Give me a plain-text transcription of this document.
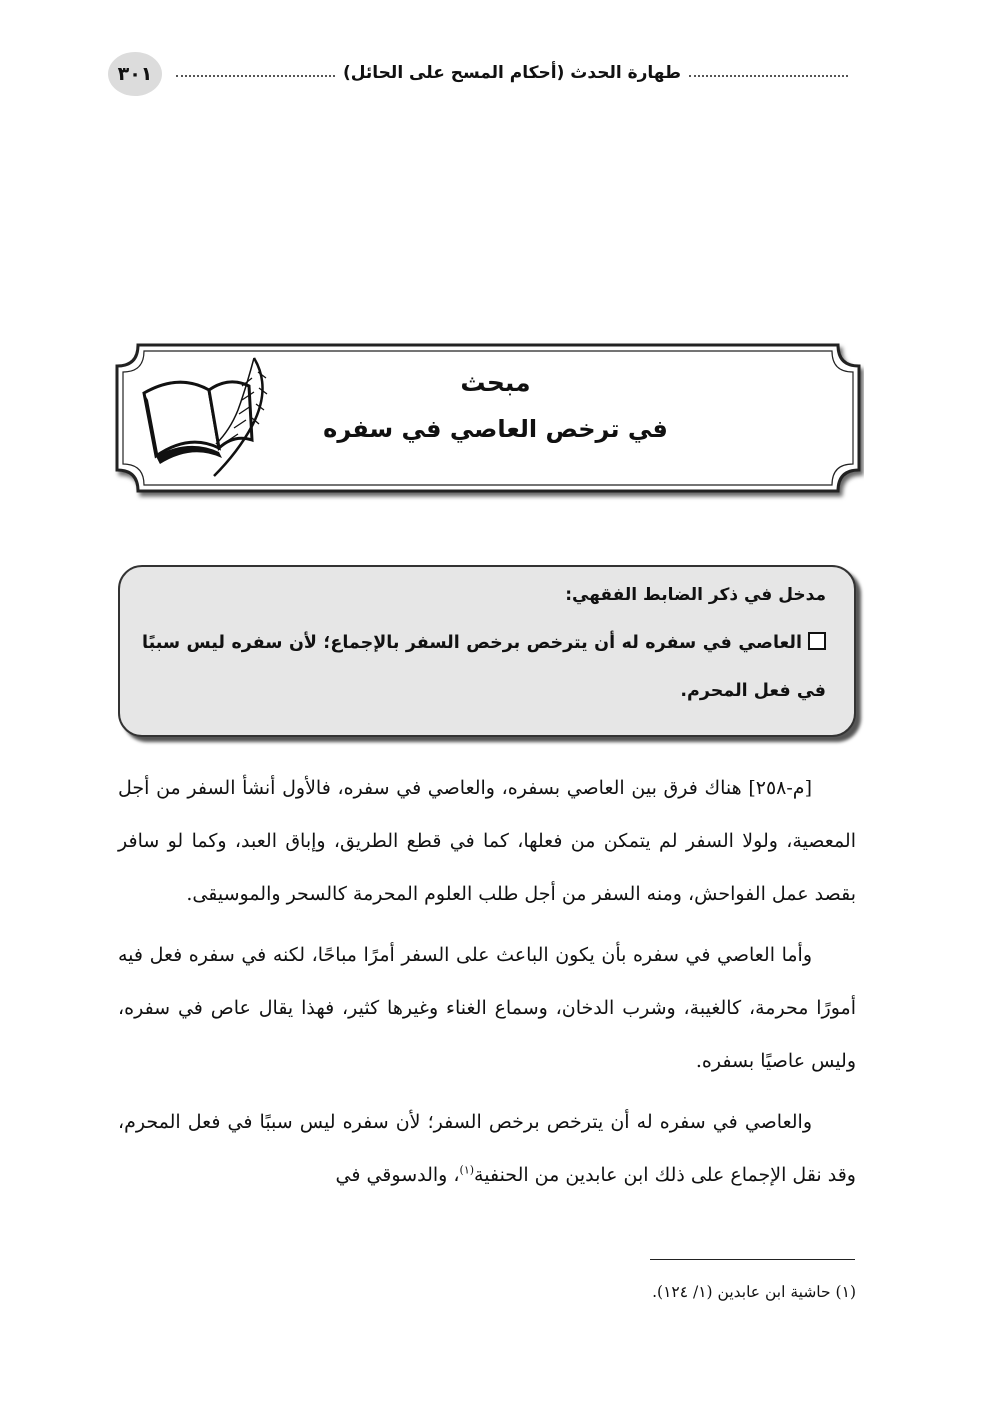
٣٠١	طهارة الحدث (أحكام المسح على الحائل)
مبحث
في ترخص العاصي في سفره

مدخل في ذكر الضابط الفقهي:

العاصي في سفره له أن يترخص برخص السفر بالإجماع؛ لأن سفره ليس سببًا في فعل المحرم.

[م-٢٥٨] هناك فرق بين العاصي بسفره، والعاصي في سفره، فالأول أنشأ السفر من أجل المعصية، ولولا السفر لم يتمكن من فعلها، كما في قطع الطريق، وإباق العبد، وكما لو سافر بقصد عمل الفواحش، ومنه السفر من أجل طلب العلوم المحرمة كالسحر والموسيقى.

وأما العاصي في سفره بأن يكون الباعث على السفر أمرًا مباحًا، لكنه في سفره فعل فيه أمورًا محرمة، كالغيبة، وشرب الدخان، وسماع الغناء وغيرها كثير، فهذا يقال عاص في سفره، وليس عاصيًا بسفره.

والعاصي في سفره له أن يترخص برخص السفر؛ لأن سفره ليس سببًا في فعل المحرم، وقد نقل الإجماع على ذلك ابن عابدين من الحنفية$^{(١)}$، والدسوقي في

(١) حاشية ابن عابدين (١/ ١٢٤).
